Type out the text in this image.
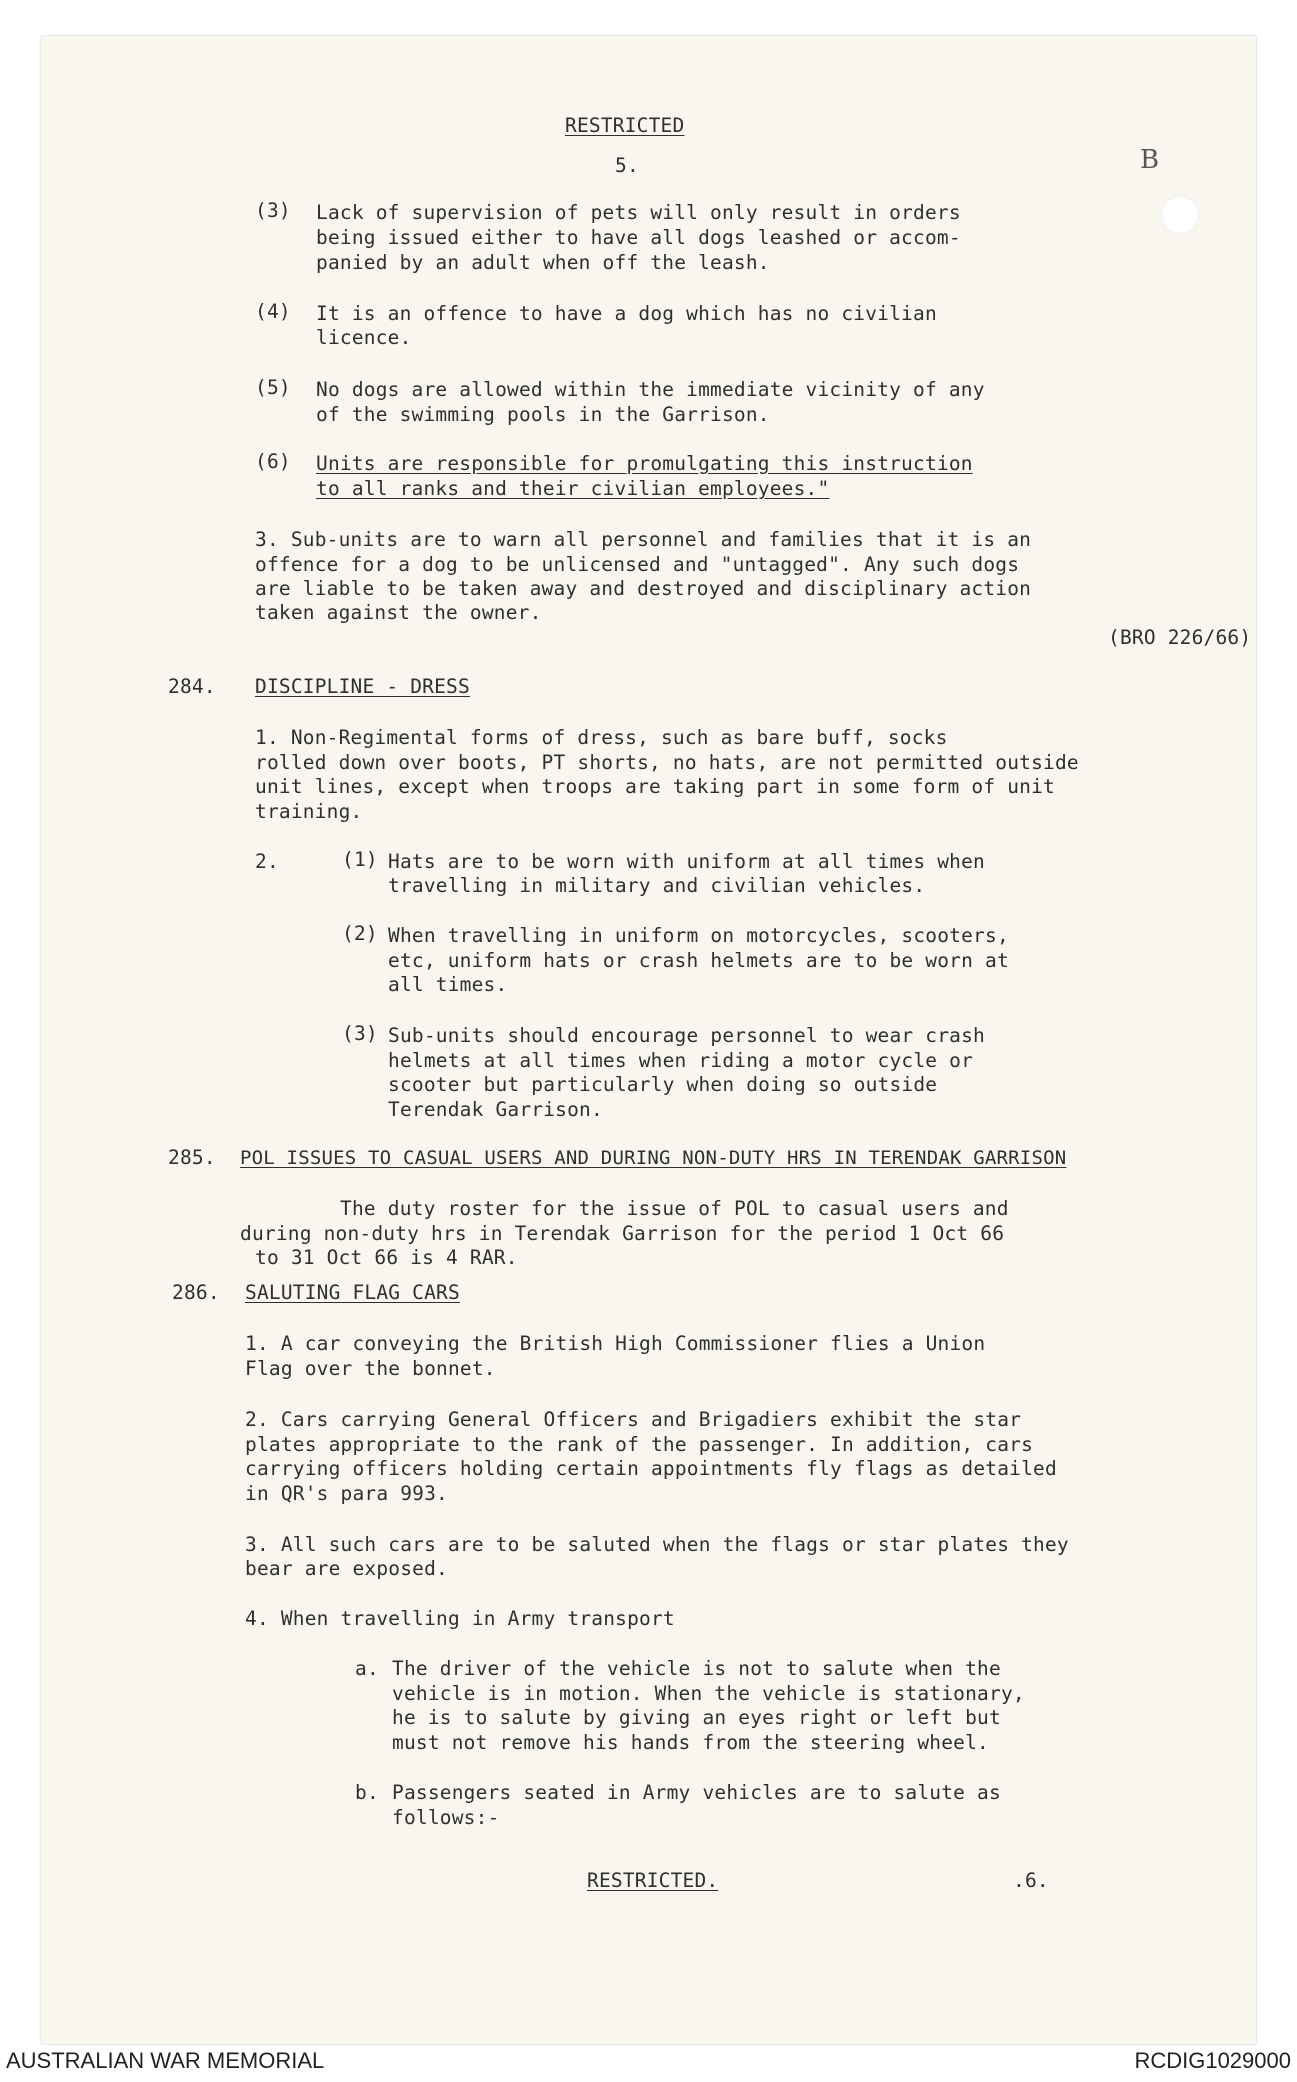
B
RESTRICTED
5.
(3) Lack of supervision of pets will only result in orders
being issued either to have all dogs leashed or accom-
panied by an adult when off the leash.
(4) It is an offence to have a dog which has no civilian
licence.
(5) No dogs are allowed within the immediate vicinity of any
of the swimming pools in the Garrison.
(6) Units are responsible for promulgating this instruction
to all ranks and their civilian employees."
3. Sub-units are to warn all personnel and families that it is an
offence for a dog to be unlicensed and "untagged". Any such dogs
are liable to be taken away and destroyed and disciplinary action
taken against the owner.
(BRO 226/66)
284. DISCIPLINE - DRESS
1. Non-Regimental forms of dress, such as bare buff, socks
rolled down over boots, PT shorts, no hats, are not permitted outside
unit lines, except when troops are taking part in some form of unit
training.
2.	(1) Hats are to be worn with uniform at all times when
travelling in military and civilian vehicles.
(2) When travelling in uniform on motorcycles, scooters,
etc, uniform hats or crash helmets are to be worn at
all times.
(3) Sub-units should encourage personnel to wear crash
helmets at all times when riding a motor cycle or
scooter but particularly when doing so outside
Terendak Garrison.
285. POL ISSUES TO CASUAL USERS AND DURING NON-DUTY HRS IN TERENDAK GARRISON
The duty roster for the issue of POL to casual users and
during non-duty hrs in Terendak Garrison for the period 1 Oct 66
to 31 Oct 66 is 4 RAR.
286. SALUTING FLAG CARS
1. A car conveying the British High Commissioner flies a Union
Flag over the bonnet.
2. Cars carrying General Officers and Brigadiers exhibit the star
plates appropriate to the rank of the passenger. In addition, cars
carrying officers holding certain appointments fly flags as detailed
in QR's para 993.
3. All such cars are to be saluted when the flags or star plates they
bear are exposed.
4. When travelling in Army transport
a. The driver of the vehicle is not to salute when the
vehicle is in motion. When the vehicle is stationary,
he is to salute by giving an eyes right or left but
must not remove his hands from the steering wheel.
b. Passengers seated in Army vehicles are to salute as
follows:-
RESTRICTED.	.6.
AUSTRALIAN WAR MEMORIAL	RCDIG1029000
